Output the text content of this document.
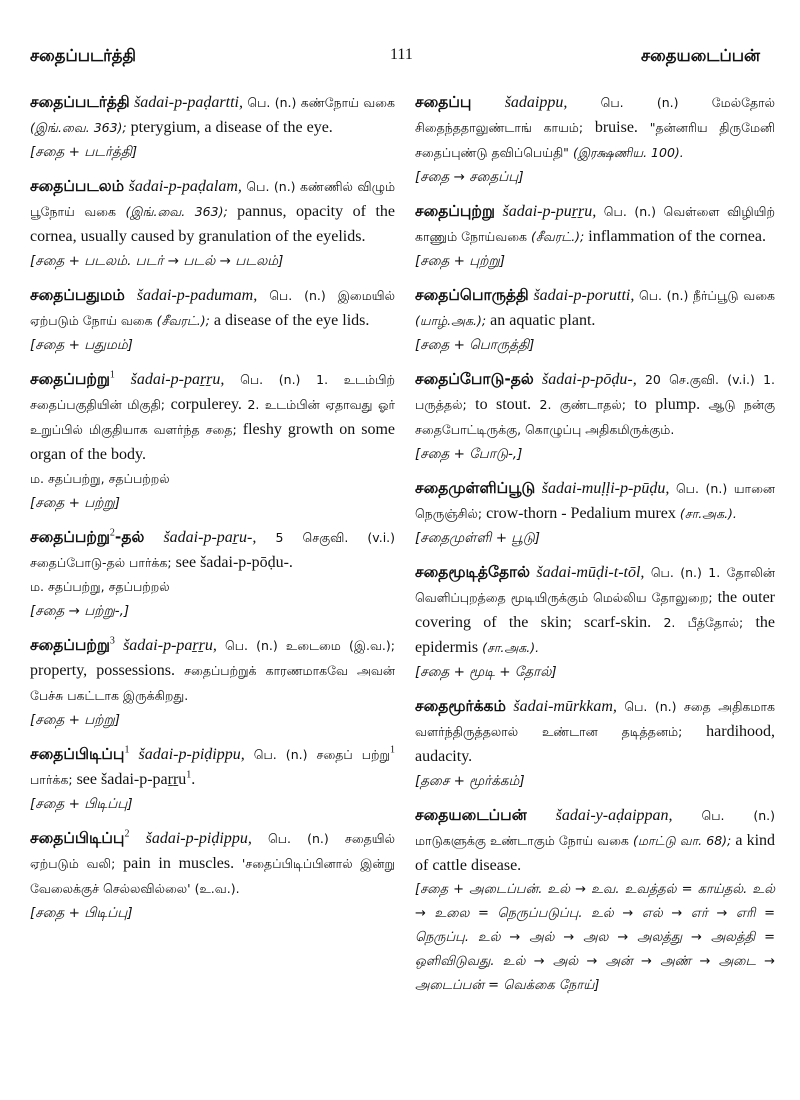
சதைப்படர்த்தி	111	சதையடைப்பன்

சதைப்படர்த்தி šadai-p-paḍartti, பெ. (n.) கண்நோய் வகை (இங்.வை. 363); pterygium, a disease of the eye.

[சதை + படர்த்தி]

சதைப்படலம் šadai-p-paḍalam, பெ. (n.) கண்ணில் விழும் பூநோய் வகை (இங்.வை. 363); pannus, opacity of the cornea, usually caused by granulation of the eyelids.

[சதை + படலம். படர் → படல் → படலம்]

சதைப்பதுமம் šadai-p-padumam, பெ. (n.) இமையில் ஏற்படும் நோய் வகை (சீவரட்.); a disease of the eye lids.

[சதை + பதுமம்]

சதைப்பற்று$^1$ šadai-p-paṟṟu, பெ. (n.) 1. உடம்பிற் சதைப்பகுதியின் மிகுதி; corpulerey. 2. உடம்பின் ஏதாவது ஓர் உறுப்பில் மிகுதியாக வளர்ந்த சதை; fleshy growth on some organ of the body.

ம. சதப்பற்று, சதப்பற்றல்

[சதை + பற்று]

சதைப்பற்று$^2$-தல் šadai-p-paṟu-, 5 செகுவி. (v.i.) சதைப்போடு-தல் பார்க்க; see šadai-p-pōḍu-.

ம. சதப்பற்று, சதப்பற்றல்

[சதை → பற்று-,]

சதைப்பற்று$^3$ šadai-p-paṟṟu, பெ. (n.) உடைமை (இ.வ.); property, possessions. சதைப்பற்றுக் காரணமாகவே அவன் பேச்சு பகட்டாக இருக்கிறது.

[சதை + பற்று]

சதைப்பிடிப்பு$^1$ šadai-p-piḍippu, பெ. (n.) சதைப் பற்று$^1$ பார்க்க; see šadai-p-paṟṟu$^1$.

[சதை + பிடிப்பு]

சதைப்பிடிப்பு$^2$ šadai-p-piḍippu, பெ. (n.) சதையில் ஏற்படும் வலி; pain in muscles. 'சதைப்பிடிப்பினால் இன்று வேலைக்குச் செல்லவில்லை' (உ.வ.).

[சதை + பிடிப்பு]

சதைப்பு šadaippu,	பெ. (n.) மேல்தோல் சிதைந்ததாலுண்டாங் காயம்; bruise. "தன்னரிய திருமேனி சதைப்புண்டு தவிப்பெய்தி" (இரக்ஷணிய. 100).

[சதை → சதைப்பு]

சதைப்புற்று šadai-p-puṟṟu, பெ. (n.) வெள்ளை விழியிற் காணும் நோய்வகை (சீவரட்.); inflammation of the cornea.

[சதை + புற்று]

சதைப்பொருத்தி šadai-p-porutti, பெ. (n.) நீர்ப்பூடு வகை (யாழ்.அக.); an aquatic plant.

[சதை + பொருத்தி]

சதைப்போடு-தல் šadai-p-pōḍu-, 20 செ.குவி. (v.i.) 1. பருத்தல்; to stout. 2. குண்டாதல்; to plump. ஆடு நன்கு சதைபோட்டிருக்கு, கொழுப்பு அதிகமிருக்கும்.

[சதை + போடு-,]

சதைமுள்ளிப்பூடு šadai-muḷḷi-p-pūḍu, பெ. (n.) யானை நெருஞ்சில்; crow-thorn - Pedalium murex (சா.அக.).

[சதைமுள்ளி + பூடு]

சதைமூடித்தோல் šadai-mūḍi-t-tōl, பெ. (n.) 1. தோலின் வெளிப்புறத்தை மூடியிருக்கும் மெல்லிய தோலுறை; the outer covering of the skin; scarf-skin. 2. பீத்தோல்; the epidermis (சா.அக.).

[சதை + மூடி + தோல்]

சதைமூர்க்கம் šadai-mūrkkam, பெ. (n.) சதை அதிகமாக வளர்ந்திருத்தலால் உண்டான தடித்தனம்; hardihood, audacity.

[தசை + மூர்க்கம்]

சதையடைப்பன் šadai-y-aḍaippan, பெ. (n.) மாடுகளுக்கு உண்டாகும் நோய் வகை (மாட்டு வா. 68); a kind of cattle disease.

[சதை + அடைப்பன். உல் → உவ. உவத்தல் = காய்தல். உல் → உலை = நெருப்படுப்பு. உல் → எல் → எர் → எரி = நெருப்பு. உல் → அல் → அல → அலத்து → அலத்தி = ஒளிவிடுவது. உல் → அல் → அன் → அண் → அடை → அடைப்பன் = வெக்கை நோய்]
